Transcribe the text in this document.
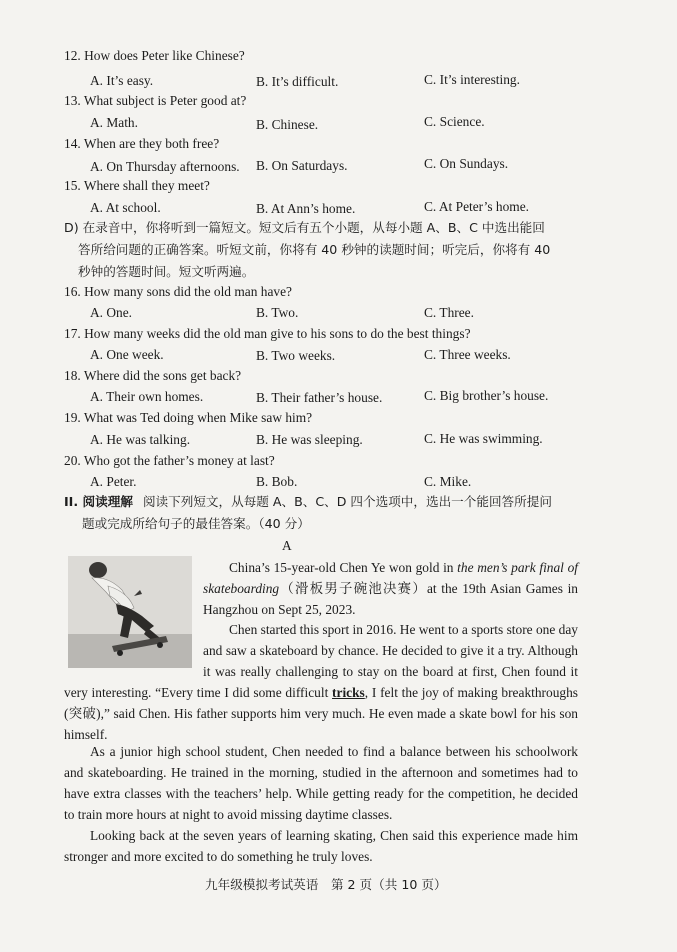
12. How does Peter like Chinese?
A. It’s easy.	B. It’s difficult.	C. It’s interesting.
13. What subject is Peter good at?
A. Math.	B. Chinese.	C. Science.
14. When are they both free?
A. On Thursday afternoons. B. On Saturdays.	C. On Sundays.
15. Where shall they meet?
A. At school.	B. At Ann’s home.	C. At Peter’s home.
D) 在录音中，你将听到一篇短文。短文后有五个小题，从每小题 A、B、C 中选出能回
答所给问题的正确答案。听短文前，你将有 40 秒钟的读题时间；听完后，你将有 40
秒钟的答题时间。短文听两遍。
16. How many sons did the old man have?
A. One.	B. Two.	C. Three.
17. How many weeks did the old man give to his sons to do the best things?
A. One week.	B. Two weeks.	C. Three weeks.
18. Where did the sons get back?
A. Their own homes.	B. Their father’s house.	C. Big brother’s house.
19. What was Ted doing when Mike saw him?
A. He was talking.	B. He was sleeping.	C. He was swimming.
20. Who got the father’s money at last?
A. Peter.	B. Bob.	C. Mike.
II. 阅读理解 阅读下列短文，从每题 A、B、C、D 四个选项中，选出一个能回答所提问
题或完成所给句子的最佳答案。（40 分）
A
China’s 15-year-old Chen Ye won gold in the men’s park final of skateboarding（滑板男子碗池决赛）at the 19th Asian Games in Hangzhou on Sept 25, 2023.
Chen started this sport in 2016. He went to a sports store one day and saw a skateboard by chance. He decided to give it a try. Although it was really challenging to stay on the board at first, Chen found it very interesting. “Every time I did some difficult tricks, I felt the joy of making breakthroughs (突破),” said Chen. His father supports him very much. He even made a skate bowl for his son himself.
As a junior high school student, Chen needed to find a balance between his schoolwork and skateboarding. He trained in the morning, studied in the afternoon and sometimes had to have extra classes with the teachers’ help. While getting ready for the competition, he decided to train more hours at night to avoid missing daytime classes.
Looking back at the seven years of learning skating, Chen said this experience made him stronger and more excited to do something he truly loves.
九年级模拟考试英语　第 2 页（共 10 页）
